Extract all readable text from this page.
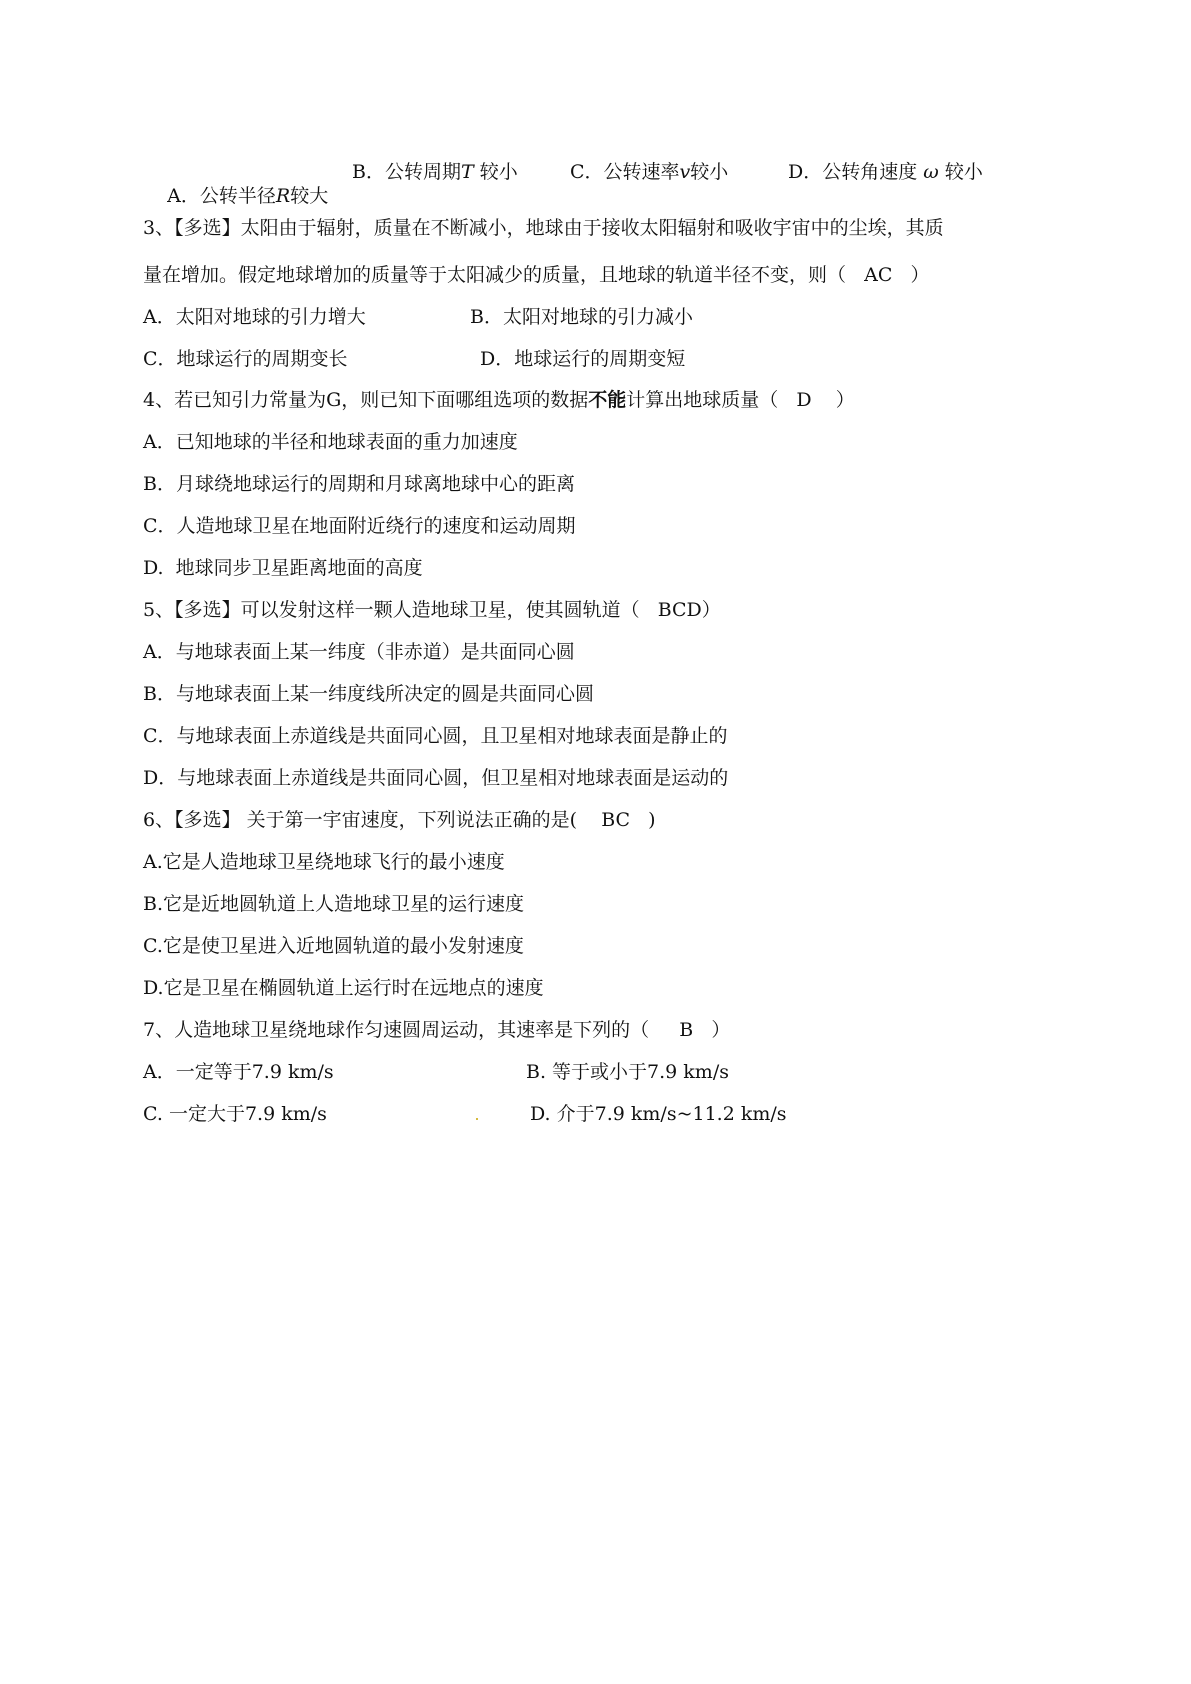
A．公转半径R较大

B．公转周期T 较小	C．公转速率v较小	D．公转角速度 ω 较小
3、【多选】太阳由于辐射，质量在不断减小，地球由于接收太阳辐射和吸收宇宙中的尘埃，其质
量在增加。假定地球增加的质量等于太阳减少的质量，且地球的轨道半径不变，则（   AC   ）
A．太阳对地球的引力增大	B．太阳对地球的引力减小
C．地球运行的周期变长	D．地球运行的周期变短
4、若已知引力常量为G，则已知下面哪组选项的数据不能计算出地球质量（   D    ）
A．已知地球的半径和地球表面的重力加速度
B．月球绕地球运行的周期和月球离地球中心的距离
C．人造地球卫星在地面附近绕行的速度和运动周期
D.  地球同步卫星距离地面的高度
5、【多选】可以发射这样一颗人造地球卫星，使其圆轨道（   BCD）
A．与地球表面上某一纬度（非赤道）是共面同心圆
B．与地球表面上某一纬度线所决定的圆是共面同心圆
C．与地球表面上赤道线是共面同心圆，且卫星相对地球表面是静止的
D．与地球表面上赤道线是共面同心圆，但卫星相对地球表面是运动的
6、【多选】 关于第一宇宙速度，下列说法正确的是(    BC   )
A.它是人造地球卫星绕地球飞行的最小速度
B.它是近地圆轨道上人造地球卫星的运行速度
C.它是使卫星进入近地圆轨道的最小发射速度
D.它是卫星在椭圆轨道上运行时在远地点的速度
7、人造地球卫星绕地球作匀速圆周运动，其速率是下列的（     B   ）
A．一定等于7.9 km/s	B. 等于或小于7.9 km/s
C. 一定大于7.9 km/s	D. 介于7.9 km/s~11.2 km/s
